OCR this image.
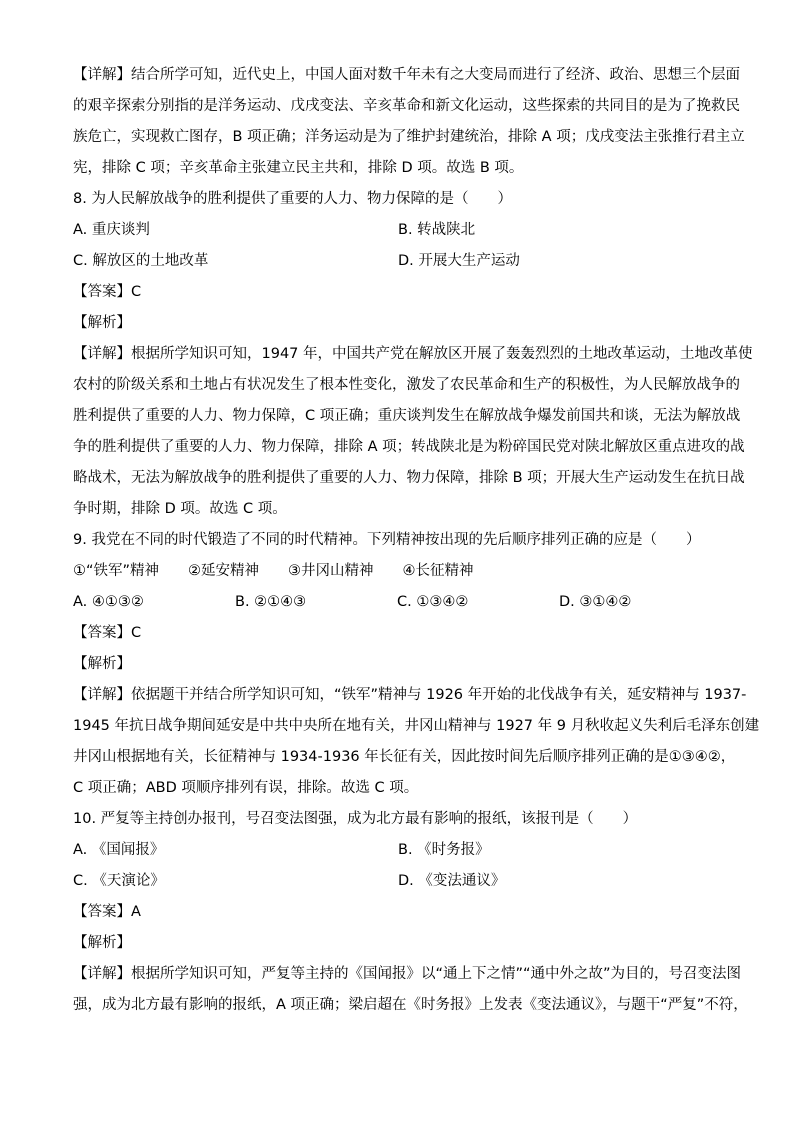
【详解】结合所学可知，近代史上，中国人面对数千年未有之大变局而进行了经济、政治、思想三个层面
的艰辛探索分别指的是洋务运动、戊戌变法、辛亥革命和新文化运动，这些探索的共同目的是为了挽救民
族危亡，实现救亡图存，B 项正确；洋务运动是为了维护封建统治，排除 A 项；戊戌变法主张推行君主立
宪，排除 C 项；辛亥革命主张建立民主共和，排除 D 项。故选 B 项。
8. 为人民解放战争的胜利提供了重要的人力、物力保障的是（　　）
A. 重庆谈判	B. 转战陕北
C. 解放区的土地改革	D. 开展大生产运动
【答案】C
【解析】
【详解】根据所学知识可知，1947 年，中国共产党在解放区开展了轰轰烈烈的土地改革运动，土地改革使
农村的阶级关系和土地占有状况发生了根本性变化，激发了农民革命和生产的积极性，为人民解放战争的
胜利提供了重要的人力、物力保障，C 项正确；重庆谈判发生在解放战争爆发前国共和谈，无法为解放战
争的胜利提供了重要的人力、物力保障，排除 A 项；转战陕北是为粉碎国民党对陕北解放区重点进攻的战
略战术，无法为解放战争的胜利提供了重要的人力、物力保障，排除 B 项；开展大生产运动发生在抗日战
争时期，排除 D 项。故选 C 项。
9. 我党在不同的时代锻造了不同的时代精神。下列精神按出现的先后顺序排列正确的应是（　　）
①“铁军”精神　　②延安精神　　③井冈山精神　　④长征精神
A. ④①③②	B. ②①④③	C. ①③④②	D. ③①④②
【答案】C
【解析】
【详解】依据题干并结合所学知识可知，“铁军”精神与 1926 年开始的北伐战争有关，延安精神与 1937-
1945 年抗日战争期间延安是中共中央所在地有关，井冈山精神与 1927 年 9 月秋收起义失利后毛泽东创建
井冈山根据地有关，长征精神与 1934-1936 年长征有关，因此按时间先后顺序排列正确的是①③④②，
C 项正确；ABD 项顺序排列有误，排除。故选 C 项。
10. 严复等主持创办报刊，号召变法图强，成为北方最有影响的报纸，该报刊是（　　）
A. 《国闻报》	B. 《时务报》
C. 《天演论》	D. 《变法通议》
【答案】A
【解析】
【详解】根据所学知识可知，严复等主持的《国闻报》以“通上下之情”“通中外之故”为目的，号召变法图
强，成为北方最有影响的报纸，A 项正确；梁启超在《时务报》上发表《变法通议》，与题干“严复”不符，
